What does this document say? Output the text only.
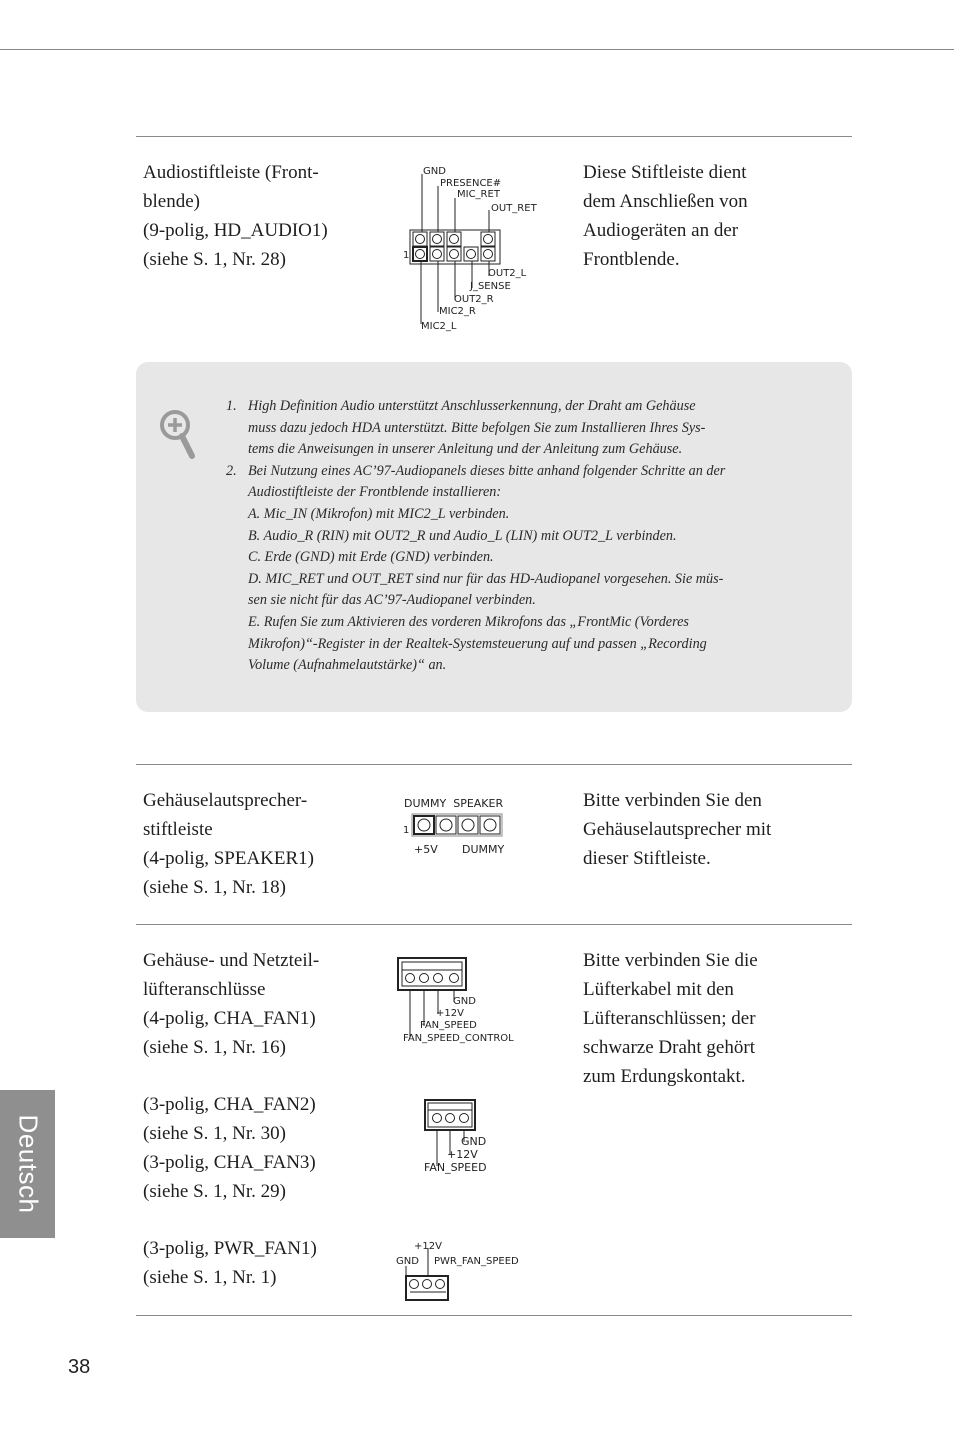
Audiostiftleiste (Front-
blende)
(9-polig, HD_AUDIO1)
(siehe S. 1, Nr. 28)
Diese Stiftleiste dient
dem Anschließen von
Audiogeräten an der
Frontblende.
GND
PRESENCE#
MIC_RET
OUT_RET
1
OUT2_L
J_SENSE
OUT2_R
MIC2_R
MIC2_L
1. High Definition Audio unterstützt Anschlusserkennung, der Draht am Gehäuse
muss dazu jedoch HDA unterstützt. Bitte befolgen Sie zum Installieren Ihres Sys-
tems die Anweisungen in unserer Anleitung und der Anleitung zum Gehäuse.
2. Bei Nutzung eines AC’97-Audiopanels dieses bitte anhand folgender Schritte an der
Audiostiftleiste der Frontblende installieren:
A. Mic_IN (Mikrofon) mit MIC2_L verbinden.
B. Audio_R (RIN) mit OUT2_R und Audio_L (LIN) mit OUT2_L verbinden.
C. Erde (GND) mit Erde (GND) verbinden.
D. MIC_RET und OUT_RET sind nur für das HD-Audiopanel vorgesehen. Sie müs-
sen sie nicht für das AC’97-Audiopanel verbinden.
E. Rufen Sie zum Aktivieren des vorderen Mikrofons das „FrontMic (Vorderes
Mikrofon)“-Register in der Realtek-Systemsteuerung auf und passen „Recording
Volume (Aufnahmelautstärke)“ an.
Gehäuselautsprecher-
stiftleiste
(4-polig, SPEAKER1)
(siehe S. 1, Nr. 18)
Bitte verbinden Sie den
Gehäuselautsprecher mit
dieser Stiftleiste.
DUMMY  SPEAKER
1
+5V DUMMY
Gehäuse- und Netzteil-
lüfteranschlüsse
(4-polig, CHA_FAN1)
(siehe S. 1, Nr. 16)
(3-polig, CHA_FAN2)
(siehe S. 1, Nr. 30)
(3-polig, CHA_FAN3)
(siehe S. 1, Nr. 29)
(3-polig, PWR_FAN1)
(siehe S. 1, Nr. 1)
Bitte verbinden Sie die
Lüfterkabel mit den
Lüfteranschlüssen; der
schwarze Draht gehört
zum Erdungskontakt.
GND
+12V
FAN_SPEED
FAN_SPEED_CONTROL
GND
+12V
FAN_SPEED
+12V
GND PWR_FAN_SPEED
Deutsch
38
